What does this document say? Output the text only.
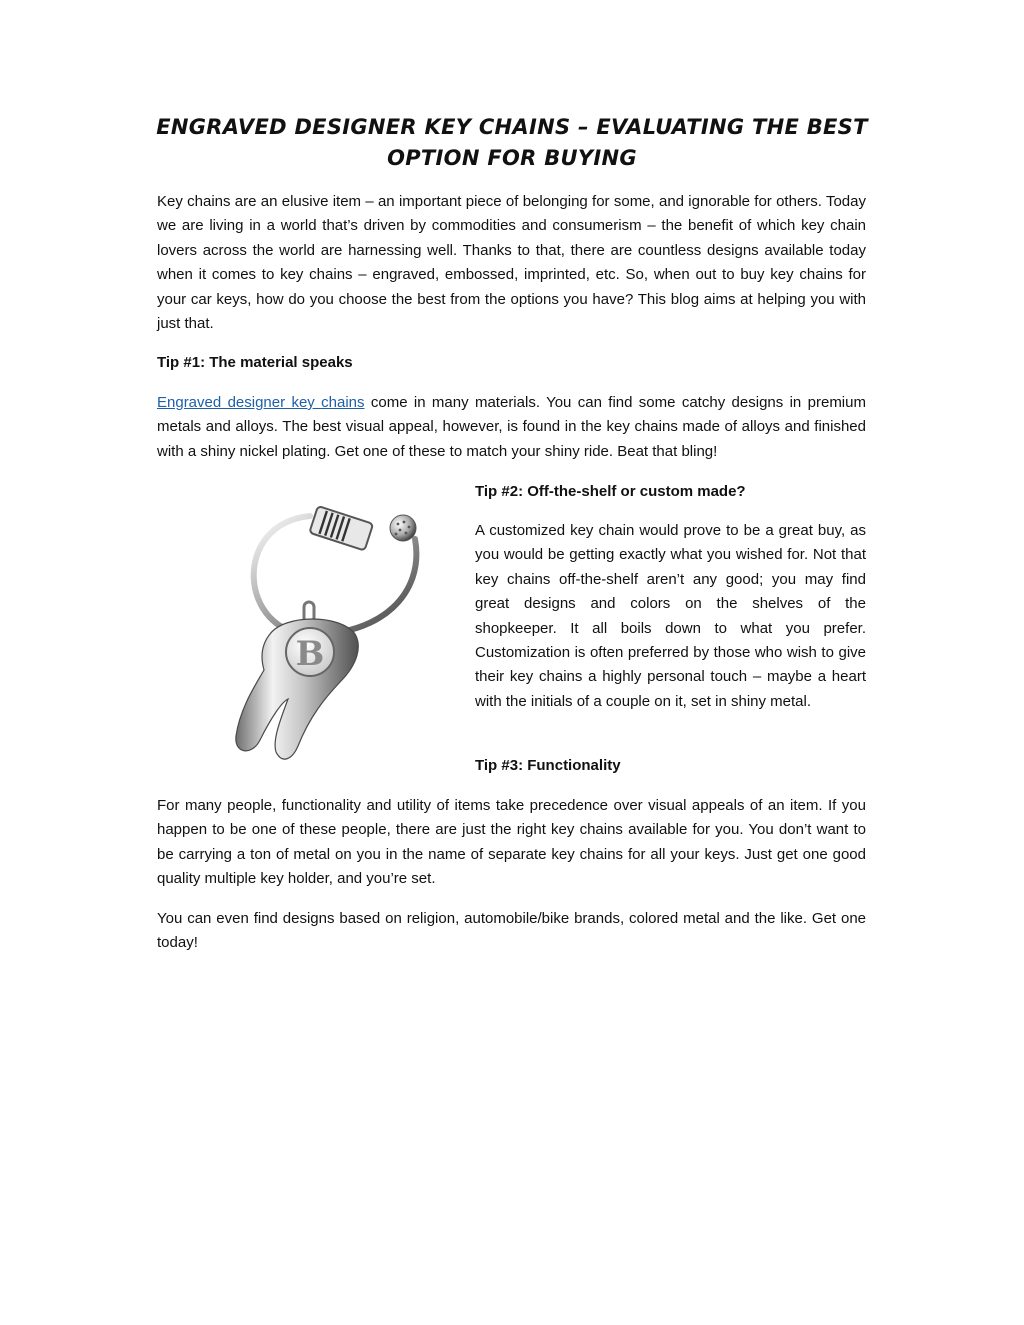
ENGRAVED DESIGNER KEY CHAINS – EVALUATING THE BEST OPTION FOR BUYING

Key chains are an elusive item – an important piece of belonging for some, and ignorable for others. Today we are living in a world that’s driven by commodities and consumerism – the benefit of which key chain lovers across the world are harnessing well. Thanks to that, there are countless designs available today when it comes to key chains – engraved, embossed, imprinted, etc. So, when out to buy key chains for your car keys, how do you choose the best from the options you have? This blog aims at helping you with just that.

Tip #1: The material speaks

Engraved designer key chains come in many materials. You can find some catchy designs in premium metals and alloys. The best visual appeal, however, is found in the key chains made of alloys and finished with a shiny nickel plating. Get one of these to match your shiny ride. Beat that bling!

B

Tip #2: Off-the-shelf or custom made?

A customized key chain would prove to be a great buy, as you would be getting exactly what you wished for. Not that key chains off-the-shelf aren’t any good; you may find great designs and colors on the shelves of the shopkeeper. It all boils down to what you prefer. Customization is often preferred by those who wish to give their key chains a highly personal touch – maybe a heart with the initials of a couple on it, set in shiny metal.

Tip #3: Functionality

For many people, functionality and utility of items take precedence over visual appeals of an item. If you happen to be one of these people, there are just the right key chains available for you. You don’t want to be carrying a ton of metal on you in the name of separate key chains for all your keys. Just get one good quality multiple key holder, and you’re set.

You can even find designs based on religion, automobile/bike brands, colored metal and the like. Get one today!
